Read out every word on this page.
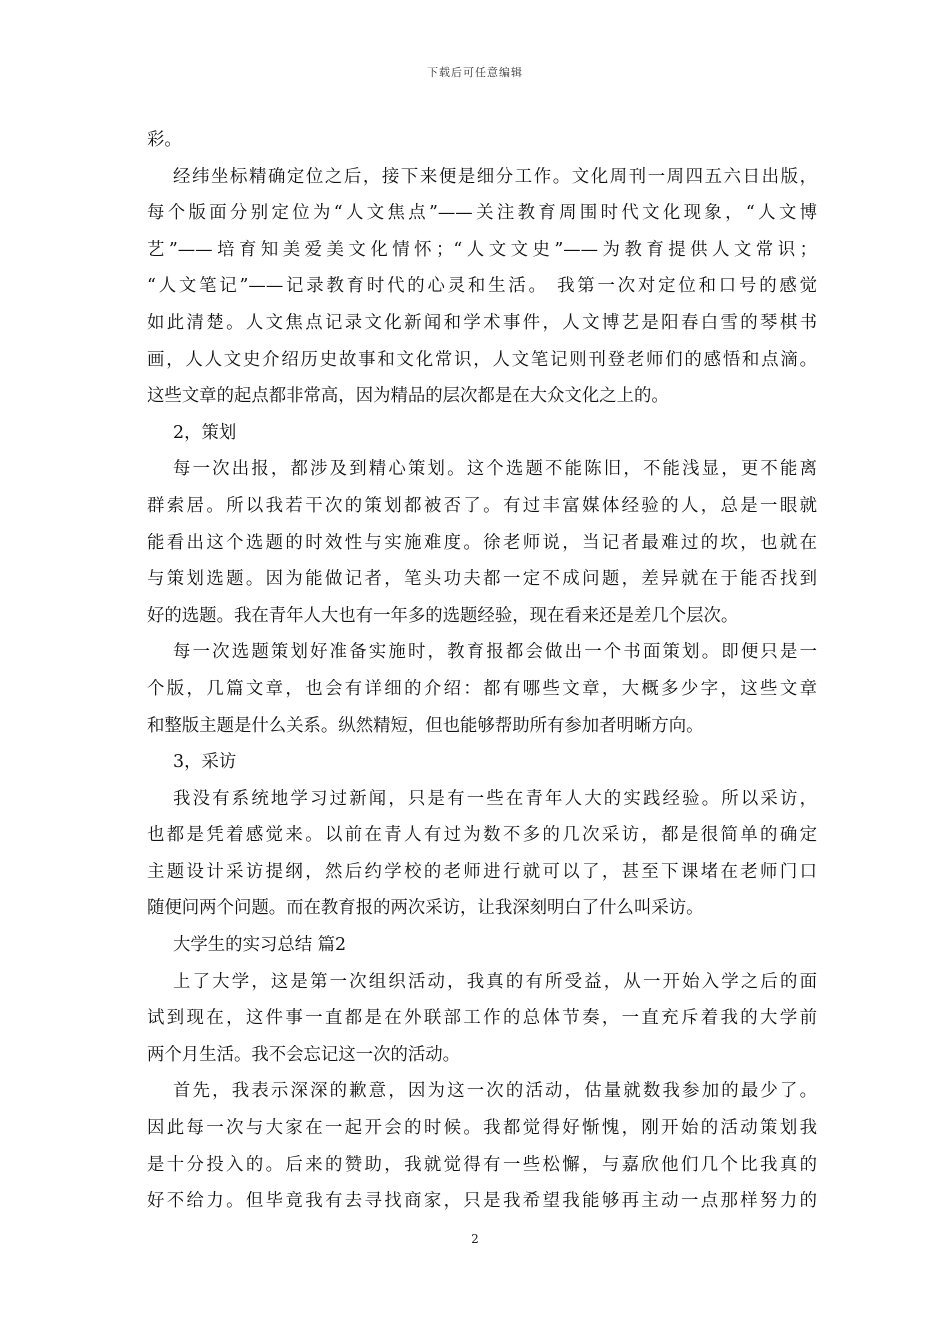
下载后可任意编辑
彩。
经纬坐标精确定位之后，接下来便是细分工作。文化周刊一周四五六日出版，
每个版面分别定位为“人文焦点”——关注教育周围时代文化现象，“人文博
艺”——培育知美爱美文化情怀；“人文文史”——为教育提供人文常识；
“人文笔记”——记录教育时代的心灵和生活。 我第一次对定位和口号的感觉
如此清楚。人文焦点记录文化新闻和学术事件，人文博艺是阳春白雪的琴棋书
画，人人文史介绍历史故事和文化常识，人文笔记则刊登老师们的感悟和点滴。
这些文章的起点都非常高，因为精品的层次都是在大众文化之上的。
2，策划
每一次出报，都涉及到精心策划。这个选题不能陈旧，不能浅显，更不能离
群索居。所以我若干次的策划都被否了。有过丰富媒体经验的人，总是一眼就
能看出这个选题的时效性与实施难度。徐老师说，当记者最难过的坎，也就在
与策划选题。因为能做记者，笔头功夫都一定不成问题，差异就在于能否找到
好的选题。我在青年人大也有一年多的选题经验，现在看来还是差几个层次。
每一次选题策划好准备实施时，教育报都会做出一个书面策划。即便只是一
个版，几篇文章，也会有详细的介绍：都有哪些文章，大概多少字，这些文章
和整版主题是什么关系。纵然精短，但也能够帮助所有参加者明晰方向。
3，采访
我没有系统地学习过新闻，只是有一些在青年人大的实践经验。所以采访，
也都是凭着感觉来。以前在青人有过为数不多的几次采访，都是很简单的确定
主题设计采访提纲，然后约学校的老师进行就可以了，甚至下课堵在老师门口
随便问两个问题。而在教育报的两次采访，让我深刻明白了什么叫采访。
大学生的实习总结 篇2
上了大学，这是第一次组织活动，我真的有所受益，从一开始入学之后的面
试到现在，这件事一直都是在外联部工作的总体节奏，一直充斥着我的大学前
两个月生活。我不会忘记这一次的活动。
首先，我表示深深的歉意，因为这一次的活动，估量就数我参加的最少了。
因此每一次与大家在一起开会的时候。我都觉得好惭愧，刚开始的活动策划我
是十分投入的。后来的赞助，我就觉得有一些松懈，与嘉欣他们几个比我真的
好不给力。但毕竟我有去寻找商家，只是我希望我能够再主动一点那样努力的
2
